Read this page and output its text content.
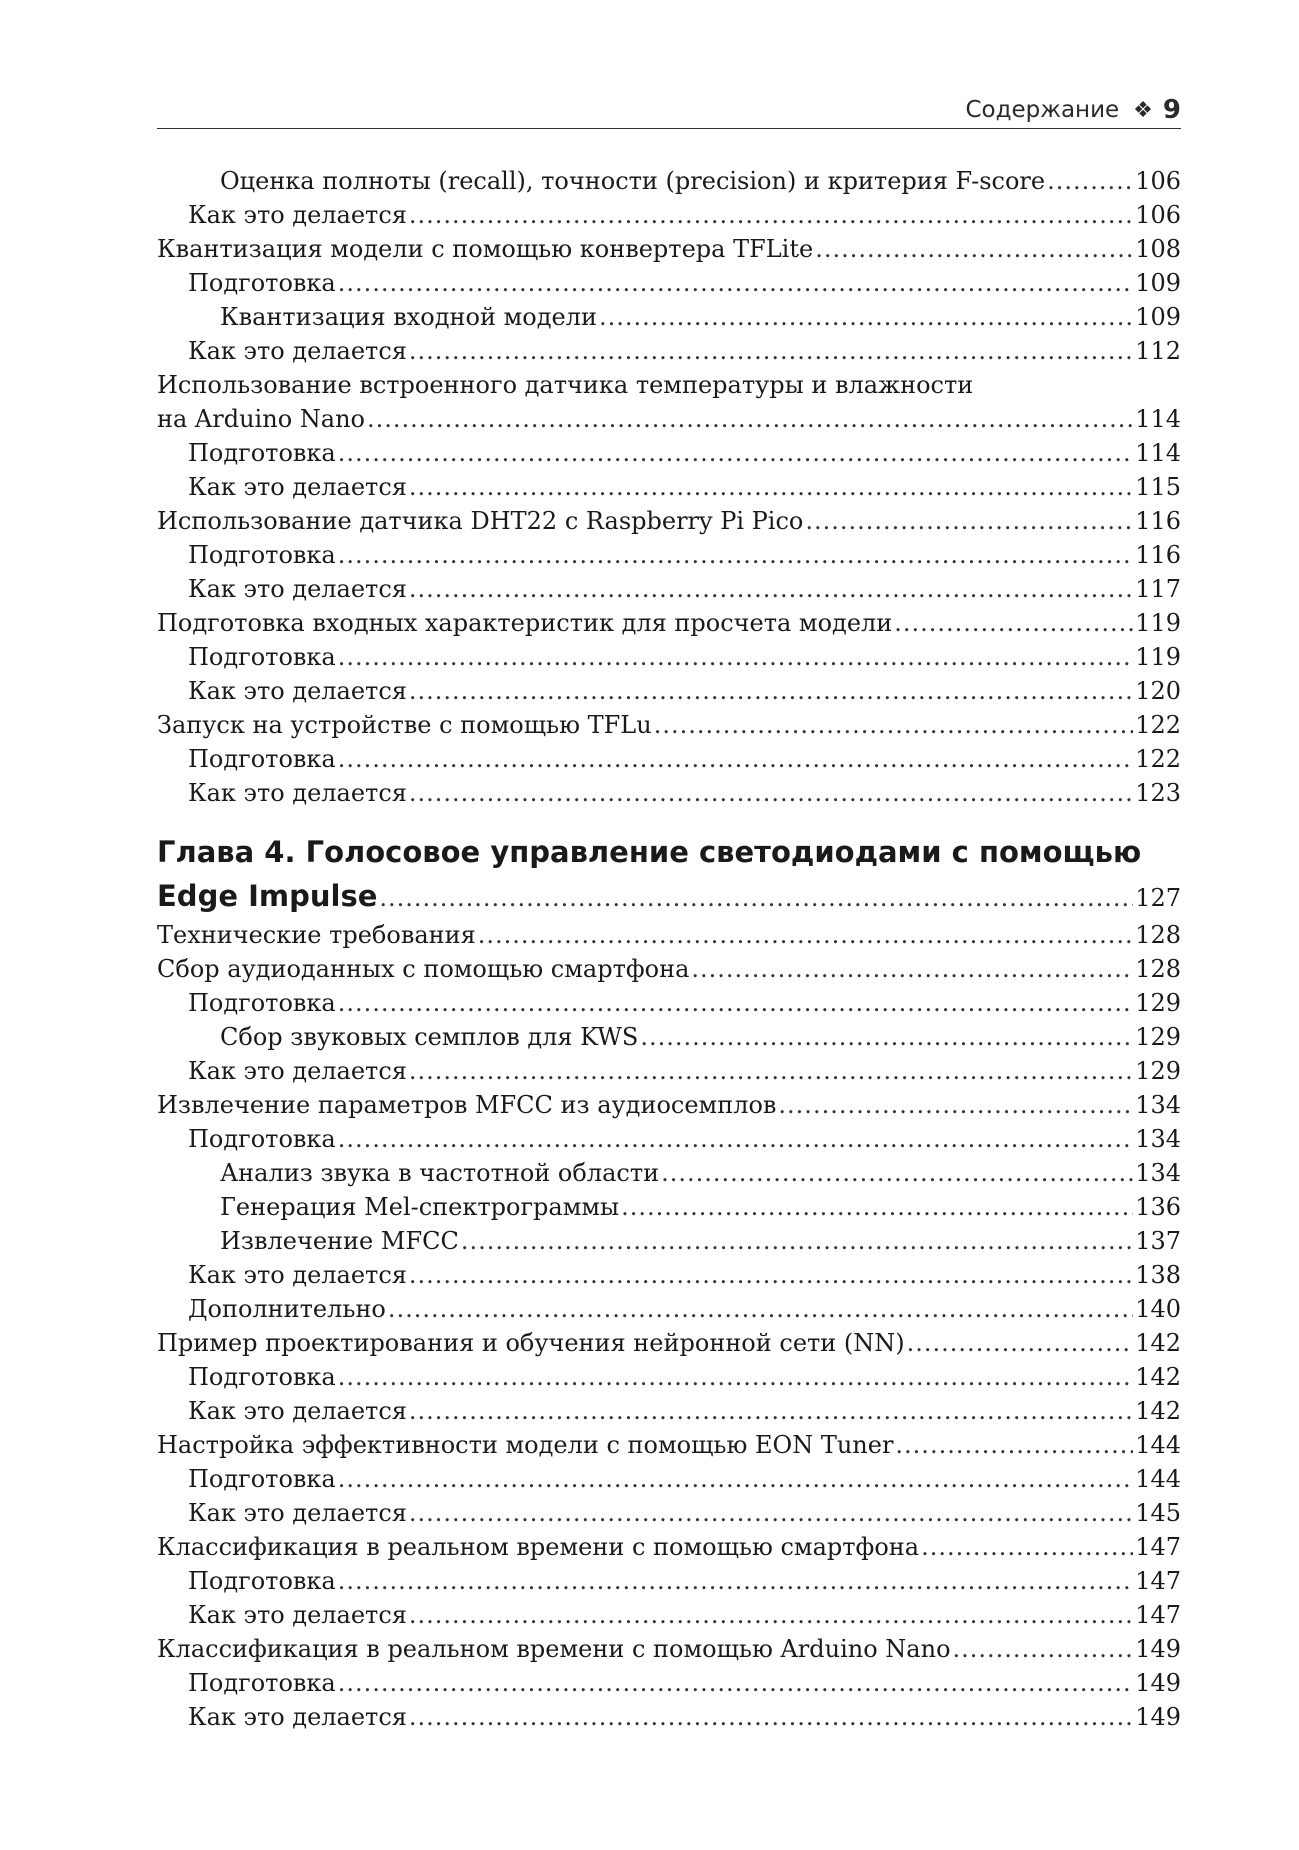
Содержание ❖ 9
Оценка полноты (recall), точности (precision) и критерия F-score .....	106
Как это делается .....	106
Квантизация модели с помощью конвертера TFLite .....	108
Подготовка .....	109
Квантизация входной модели .....	109
Как это делается .....	112
Использование встроенного датчика температуры и влажности
на Arduino Nano .....	114
Подготовка .....	114
Как это делается .....	115
Использование датчика DHT22 с Raspberry Pi Pico .....	116
Подготовка .....	116
Как это делается .....	117
Подготовка входных характеристик для просчета модели .....	119
Подготовка .....	119
Как это делается .....	120
Запуск на устройстве с помощью TFLu .....	122
Подготовка .....	122
Как это делается .....	123
Глава 4. Голосовое управление светодиодами с помощью
Edge Impulse .....	127
Технические требования .....	128
Сбор аудиоданных с помощью смартфона .....	128
Подготовка .....	129
Сбор звуковых семплов для KWS .....	129
Как это делается .....	129
Извлечение параметров MFCC из аудиосемплов .....	134
Подготовка .....	134
Анализ звука в частотной области .....	134
Генерация Mel-спектрограммы .....	136
Извлечение MFCC .....	137
Как это делается .....	138
Дополнительно .....	140
Пример проектирования и обучения нейронной сети (NN) .....	142
Подготовка .....	142
Как это делается .....	142
Настройка эффективности модели с помощью EON Tuner .....	144
Подготовка .....	144
Как это делается .....	145
Классификация в реальном времени с помощью смартфона .....	147
Подготовка .....	147
Как это делается .....	147
Классификация в реальном времени с помощью Arduino Nano .....	149
Подготовка .....	149
Как это делается .....	149
